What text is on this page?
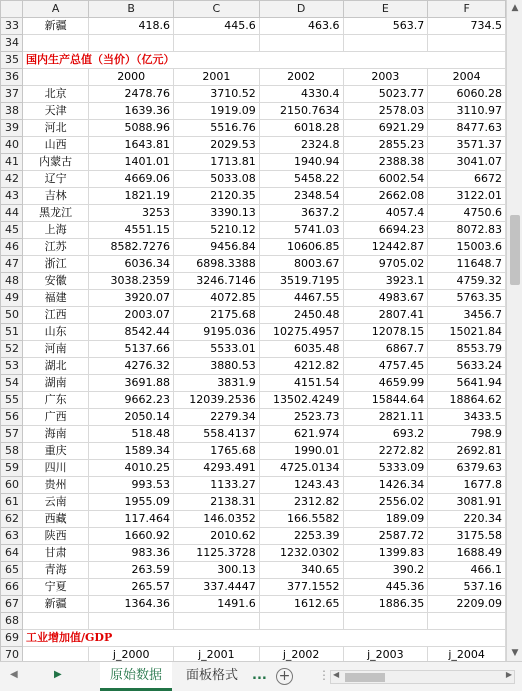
	A	B	C	D	E	F
33	新疆	418.6	445.6	463.6	563.7	734.5
34						
35	国内生产总值（当价）（亿元）					
36		2000	2001	2002	2003	2004
37	北京	2478.76	3710.52	4330.4	5023.77	6060.28
38	天津	1639.36	1919.09	2150.7634	2578.03	3110.97
39	河北	5088.96	5516.76	6018.28	6921.29	8477.63
40	山西	1643.81	2029.53	2324.8	2855.23	3571.37
41	内蒙古	1401.01	1713.81	1940.94	2388.38	3041.07
42	辽宁	4669.06	5033.08	5458.22	6002.54	6672
43	吉林	1821.19	2120.35	2348.54	2662.08	3122.01
44	黑龙江	3253	3390.13	3637.2	4057.4	4750.6
45	上海	4551.15	5210.12	5741.03	6694.23	8072.83
46	江苏	8582.7276	9456.84	10606.85	12442.87	15003.6
47	浙江	6036.34	6898.3388	8003.67	9705.02	11648.7
48	安徽	3038.2359	3246.7146	3519.7195	3923.1	4759.32
49	福建	3920.07	4072.85	4467.55	4983.67	5763.35
50	江西	2003.07	2175.68	2450.48	2807.41	3456.7
51	山东	8542.44	9195.036	10275.4957	12078.15	15021.84
52	河南	5137.66	5533.01	6035.48	6867.7	8553.79
53	湖北	4276.32	3880.53	4212.82	4757.45	5633.24
54	湖南	3691.88	3831.9	4151.54	4659.99	5641.94
55	广东	9662.23	12039.2536	13502.4249	15844.64	18864.62
56	广西	2050.14	2279.34	2523.73	2821.11	3433.5
57	海南	518.48	558.4137	621.974	693.2	798.9
58	重庆	1589.34	1765.68	1990.01	2272.82	2692.81
59	四川	4010.25	4293.491	4725.0134	5333.09	6379.63
60	贵州	993.53	1133.27	1243.43	1426.34	1677.8
61	云南	1955.09	2138.31	2312.82	2556.02	3081.91
62	西藏	117.464	146.0352	166.5582	189.09	220.34
63	陕西	1660.92	2010.62	2253.39	2587.72	3175.58
64	甘肃	983.36	1125.3728	1232.0302	1399.83	1688.49
65	青海	263.59	300.13	340.65	390.2	466.1
66	宁夏	265.57	337.4447	377.1552	445.36	537.16
67	新疆	1364.36	1491.6	1612.65	1886.35	2209.09
68						
69	工业增加值/GDP					
70		j_2000	j_2001	j_2002	j_2003	j_2004

▲
▼
◀	▶	原始数据	面板格式	... + ⋮ ◀	▶
